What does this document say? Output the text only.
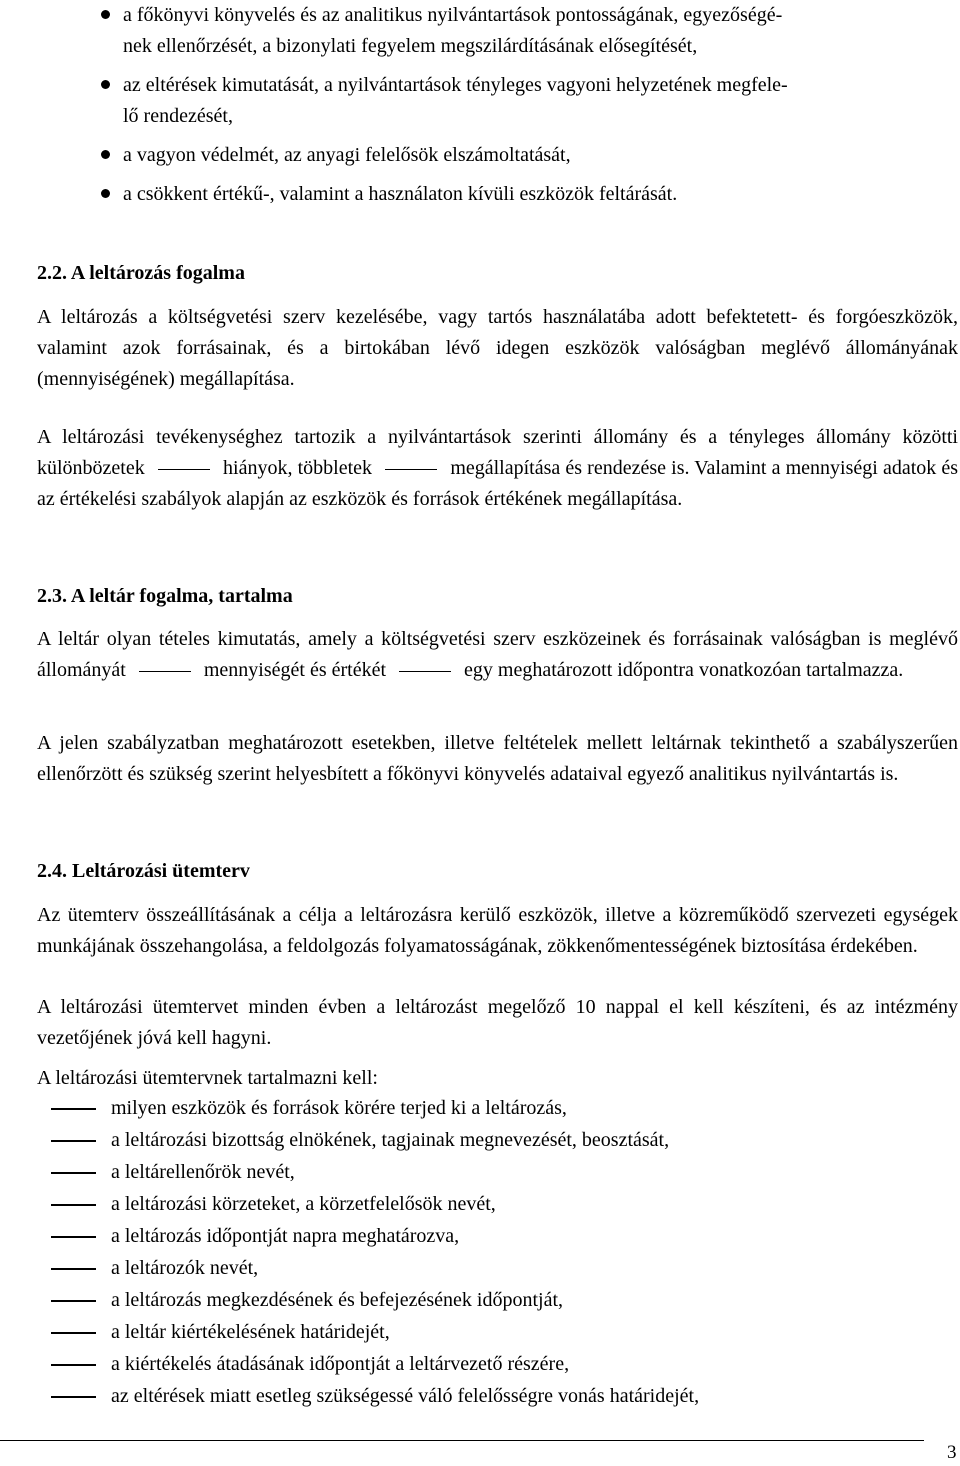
a főkönyvi könyvelés és az analitikus nyilvántartások pontosságának, egyezőségé-
nek ellenőrzését, a bizonylati fegyelem megszilárdításának elősegítését,
az eltérések kimutatását, a nyilvántartások tényleges vagyoni helyzetének megfele-
lő rendezését,
a vagyon védelmét, az anyagi felelősök elszámoltatását,
a csökkent értékű-, valamint a használaton kívüli eszközök feltárását.
2.2. A leltározás fogalma

A leltározás a költségvetési szerv kezelésébe, vagy tartós használatába adott befektetett- és forgóeszközök, valamint azok forrásainak, és a birtokában lévő idegen eszközök valóságban meglévő állományának (mennyiségének) megállapítása.

A leltározási tevékenységhez tartozik a nyilvántartások szerinti állomány és a tényleges állomány közötti különbözetek	hiányok, többletek	megállapítása és rendezése is. Valamint a mennyiségi adatok és az értékelési szabályok alapján az eszközök és források értékének megállapítása.

2.3. A leltár fogalma, tartalma

A leltár olyan tételes kimutatás, amely a költségvetési szerv eszközeinek és forrásainak valóságban is meglévő állományát	mennyiségét és értékét	egy meghatározott időpontra vonatkozóan tartalmazza.

A jelen szabályzatban meghatározott esetekben, illetve feltételek mellett leltárnak tekinthető a szabályszerűen ellenőrzött és szükség szerint helyesbített a főkönyvi könyvelés adataival egyező analitikus nyilvántartás is.

2.4. Leltározási ütemterv

Az ütemterv összeállításának a célja a leltározásra kerülő eszközök, illetve a közreműködő szervezeti egységek munkájának összehangolása, a feldolgozás folyamatosságának, zökkenőmentességének biztosítása érdekében.

A leltározási ütemtervet minden évben a leltározást megelőző 10 nappal el kell készíteni, és az intézmény vezetőjének jóvá kell hagyni.

A leltározási ütemtervnek tartalmazni kell:

milyen eszközök és források körére terjed ki a leltározás,
a leltározási bizottság elnökének, tagjainak megnevezését, beosztását,
a leltárellenőrök nevét,
a leltározási körzeteket, a körzetfelelősök nevét,
a leltározás időpontját napra meghatározva,
a leltározók nevét,
a leltározás megkezdésének és befejezésének időpontját,
a leltár kiértékelésének határidejét,
a kiértékelés átadásának időpontját a leltárvezető részére,
az eltérések miatt esetleg szükségessé váló felelősségre vonás határidejét,
3
